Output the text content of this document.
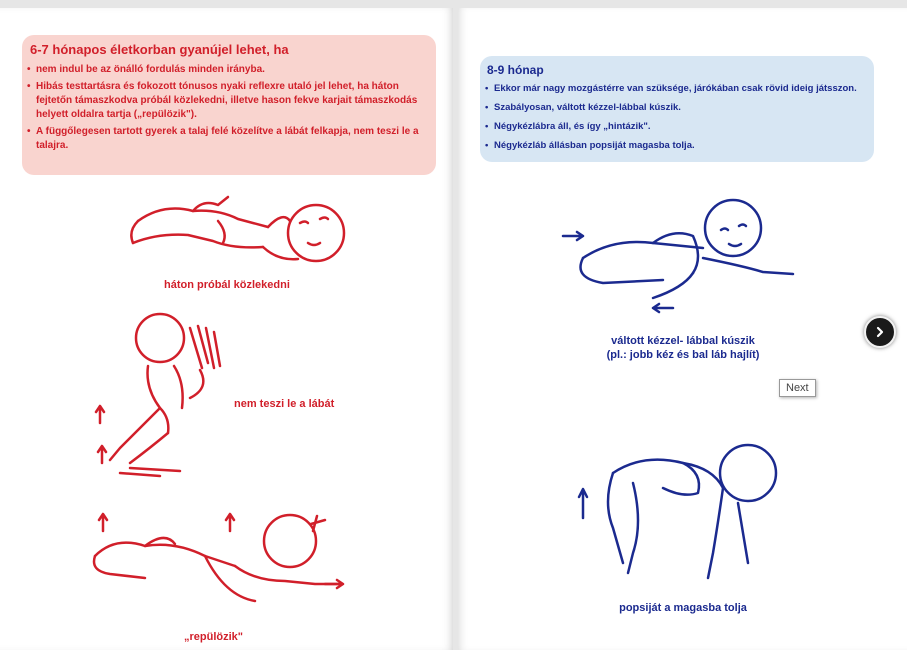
6-7 hónapos életkorban gyanújel lehet, ha
• nem indul be az önálló fordulás minden irányba.
• Hibás testtartásra és fokozott tónusos nyaki reflexre utaló jel lehet, ha háton fejtetőn támaszkodva próbál közlekedni, illetve hason fekve karjait támaszkodás helyett oldalra tartja („repülözik").
• A függőlegesen tartott gyerek a talaj felé közelítve a lábát felkapja, nem teszi le a talajra.
háton próbál közlekedni
nem teszi le a lábát
„repülözik"
8-9 hónap
• Ekkor már nagy mozgástérre van szüksége, járókában csak rövid ideig játsszon.
• Szabályosan, váltott kézzel-lábbal kúszik.
• Négykézlábra áll, és így „hintázik".
• Négykézláb állásban popsiját magasba tolja.
váltott kézzel- lábbal kúszik
(pl.: jobb kéz és bal láb hajlít)
popsiját a magasba tolja
Next
